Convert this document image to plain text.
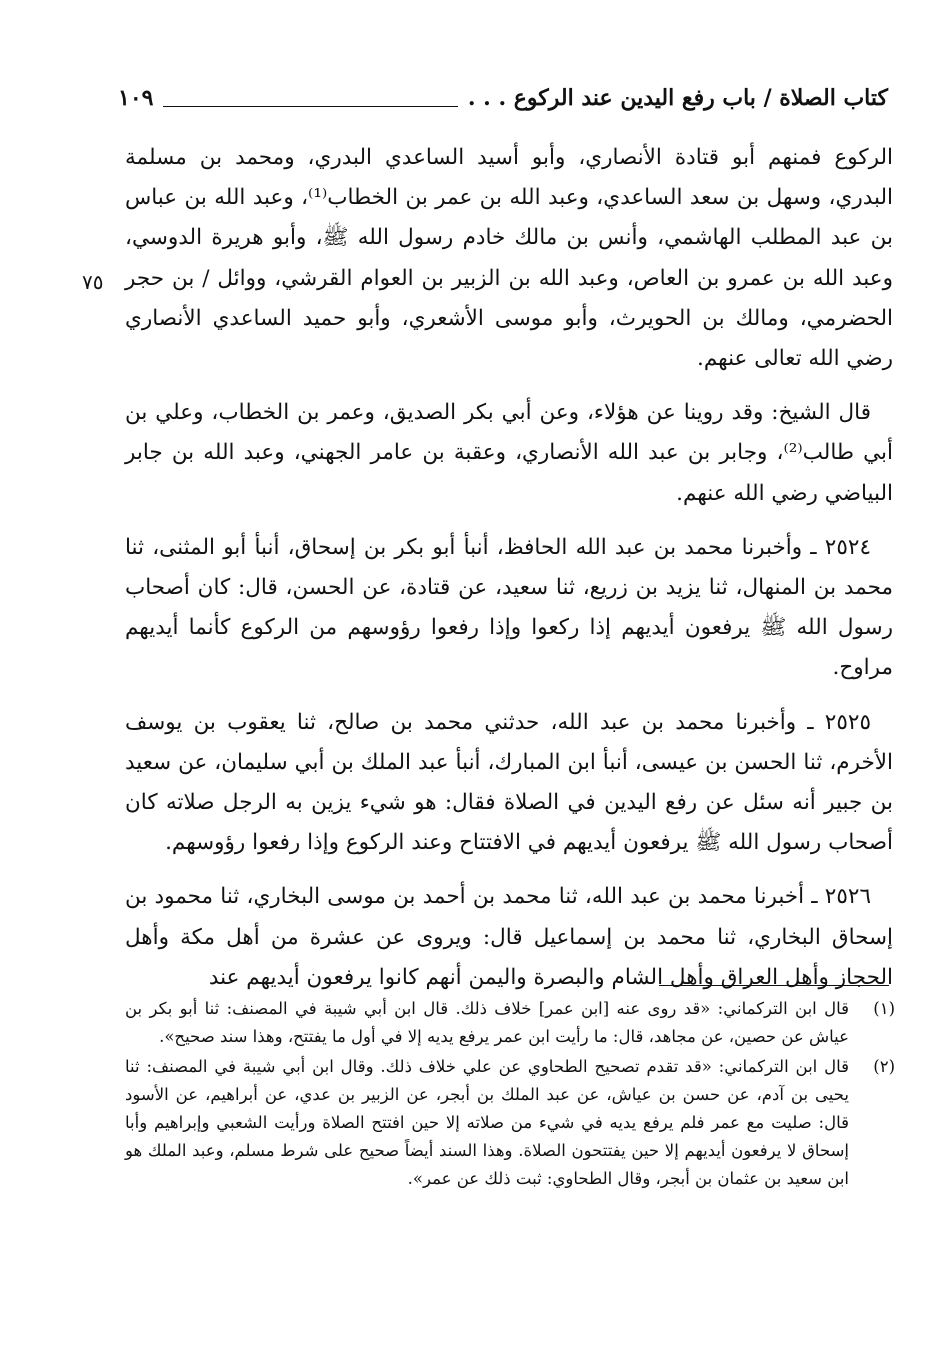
كتاب الصلاة / باب رفع اليدين عند الركوع . . .
١٠٩
٧٥

الركوع فمنهم أبو قتادة الأنصاري، وأبو أسيد الساعدي البدري، ومحمد بن مسلمة البدري، وسهل بن سعد الساعدي، وعبد الله بن عمر بن الخطاب⁽¹⁾، وعبد الله بن عباس بن عبد المطلب الهاشمي، وأنس بن مالك خادم رسول الله ﷺ، وأبو هريرة الدوسي، وعبد الله بن عمرو بن العاص، وعبد الله بن الزبير بن العوام القرشي، ووائل / بن حجر الحضرمي، ومالك بن الحويرث، وأبو موسى الأشعري، وأبو حميد الساعدي الأنصاري رضي الله تعالى عنهم.

قال الشيخ: وقد روينا عن هؤلاء، وعن أبي بكر الصديق، وعمر بن الخطاب، وعلي بن أبي طالب⁽²⁾، وجابر بن عبد الله الأنصاري، وعقبة بن عامر الجهني، وعبد الله بن جابر البياضي رضي الله عنهم.

٢٥٢٤ ـ وأخبرنا محمد بن عبد الله الحافظ، أنبأ أبو بكر بن إسحاق، أنبأ أبو المثنى، ثنا محمد بن المنهال، ثنا يزيد بن زريع، ثنا سعيد، عن قتادة، عن الحسن، قال: كان أصحاب رسول الله ﷺ يرفعون أيديهم إذا ركعوا وإذا رفعوا رؤوسهم من الركوع كأنما أيديهم مراوح.

٢٥٢٥ ـ وأخبرنا محمد بن عبد الله، حدثني محمد بن صالح، ثنا يعقوب بن يوسف الأخرم، ثنا الحسن بن عيسى، أنبأ ابن المبارك، أنبأ عبد الملك بن أبي سليمان، عن سعيد بن جبير أنه سئل عن رفع اليدين في الصلاة فقال: هو شيء يزين به الرجل صلاته كان أصحاب رسول الله ﷺ يرفعون أيديهم في الافتتاح وعند الركوع وإذا رفعوا رؤوسهم.

٢٥٢٦ ـ أخبرنا محمد بن عبد الله، ثنا محمد بن أحمد بن موسى البخاري، ثنا محمود بن إسحاق البخاري، ثنا محمد بن إسماعيل قال: ويروى عن عشرة من أهل مكة وأهل الحجاز وأهل العراق وأهل الشام والبصرة واليمن أنهم كانوا يرفعون أيديهم عند

(١)
قال ابن التركماني: «قد روى عنه [ابن عمر] خلاف ذلك. قال ابن أبي شيبة في المصنف: ثنا أبو بكر بن عياش عن حصين، عن مجاهد، قال: ما رأيت ابن عمر يرفع يديه إلا في أول ما يفتتح، وهذا سند صحيح».
(٢)
قال ابن التركماني: «قد تقدم تصحيح الطحاوي عن علي خلاف ذلك. وقال ابن أبي شيبة في المصنف: ثنا يحيى بن آدم، عن حسن بن عياش، عن عبد الملك بن أبجر، عن الزبير بن عدي، عن أبراهيم، عن الأسود قال: صليت مع عمر فلم يرفع يديه في شيء من صلاته إلا حين افتتح الصلاة ورأيت الشعبي وإبراهيم وأبا إسحاق لا يرفعون أيديهم إلا حين يفتتحون الصلاة. وهذا السند أيضاً صحيح على شرط مسلم، وعبد الملك هو ابن سعيد بن عثمان بن أبجر، وقال الطحاوي: ثبت ذلك عن عمر».
